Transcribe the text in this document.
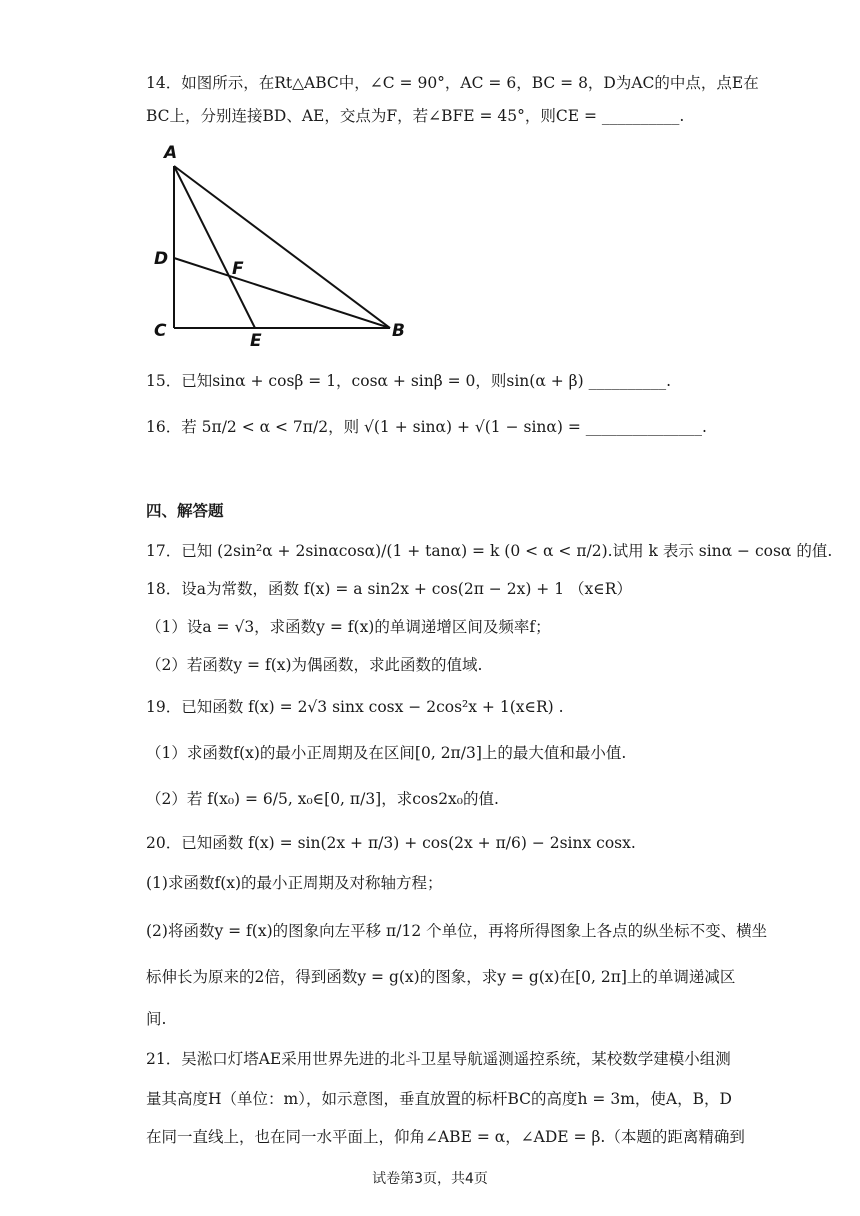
14．如图所示，在Rt△ABC中，∠C = 90°，AC = 6，BC = 8，D为AC的中点，点E在
BC上，分别连接BD、AE，交点为F，若∠BFE = 45°，则CE = __________.
A
D	F
C	E	B
15．已知sinα + cosβ = 1，cosα + sinβ = 0，则sin(α + β) __________.
16．若 5π/2 < α < 7π/2，则 √(1 + sinα) + √(1 − sinα) = _______________.
四、解答题
17．已知 (2sin²α + 2sinαcosα)/(1 + tanα) = k (0 < α < π/2).试用 k 表示 sinα − cosα 的值.
18．设a为常数，函数 f(x) = a sin2x + cos(2π − 2x) + 1 （x∈R）
（1）设a = √3，求函数y = f(x)的单调递增区间及频率f；
（2）若函数y = f(x)为偶函数，求此函数的值域.
19．已知函数 f(x) = 2√3 sinx cosx − 2cos²x + 1(x∈R) .
（1）求函数f(x)的最小正周期及在区间[0, 2π/3]上的最大值和最小值.
（2）若 f(x₀) = 6/5, x₀∈[0, π/3]，求cos2x₀的值.
20．已知函数 f(x) = sin(2x + π/3) + cos(2x + π/6) − 2sinx cosx.
(1)求函数f(x)的最小正周期及对称轴方程；
(2)将函数y = f(x)的图象向左平移 π/12 个单位，再将所得图象上各点的纵坐标不变、横坐
标伸长为原来的2倍，得到函数y = g(x)的图象，求y = g(x)在[0, 2π]上的单调递减区
间.
21．吴淞口灯塔AE采用世界先进的北斗卫星导航遥测遥控系统，某校数学建模小组测
量其高度H（单位：m），如示意图，垂直放置的标杆BC的高度h = 3m，使A，B，D
在同一直线上，也在同一水平面上，仰角∠ABE = α，∠ADE = β.（本题的距离精确到
试卷第3页，共4页
